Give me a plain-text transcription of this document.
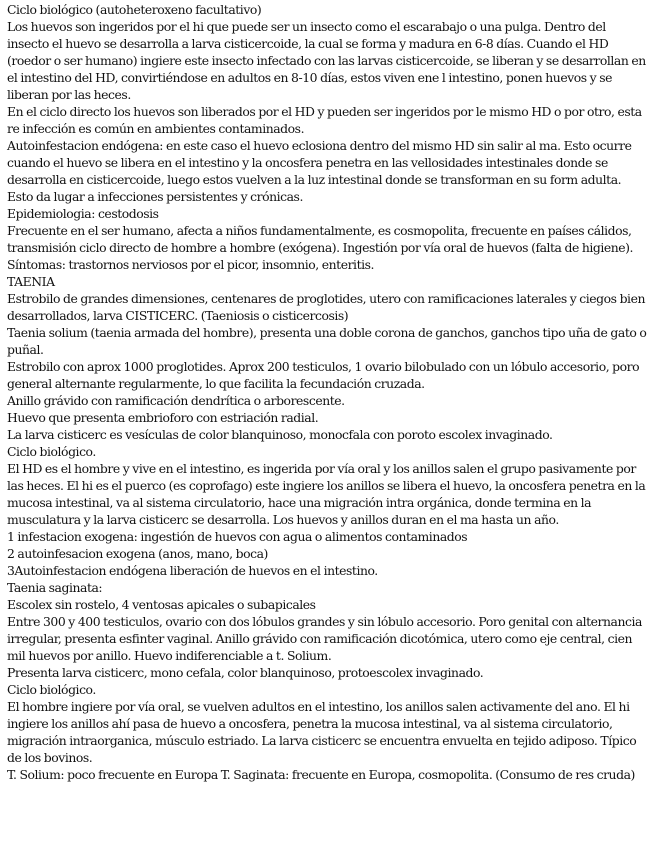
Ciclo biológico (autoheteroxeno facultativo)

Los huevos son ingeridos por el hi que puede ser un insecto como el escarabajo o una pulga. Dentro del insecto el huevo se desarrolla a larva cisticercoide, la cual se forma y madura en 6-8 días. Cuando el HD (roedor o ser humano) ingiere este insecto infectado con las larvas cisticercoide, se liberan y se desarrollan en el intestino del HD, convirtiéndose en adultos en 8-10 días, estos viven ene l intestino, ponen huevos y se liberan por las heces.

En el ciclo directo los huevos son liberados por el HD y pueden ser ingeridos por le mismo HD o por otro, esta re infección es común en ambientes contaminados.

Autoinfestacion endógena: en este caso el huevo eclosiona dentro del mismo HD sin salir al ma. Esto ocurre cuando el huevo se libera en el intestino y la oncosfera penetra en las vellosidades intestinales donde se desarrolla en cisticercoide, luego estos vuelven a la luz intestinal donde se transforman en su form adulta. Esto da lugar a infecciones persistentes y crónicas.

Epidemiologia: cestodosis

Frecuente en el ser humano, afecta a niños fundamentalmente, es cosmopolita, frecuente en países cálidos, transmisión ciclo directo de hombre a hombre (exógena). Ingestión por vía oral de huevos (falta de higiene).

Síntomas: trastornos nerviosos por el picor, insomnio, enteritis.

TAENIA

Estrobilo de grandes dimensiones, centenares de proglotides, utero con ramificaciones laterales y ciegos bien desarrollados, larva CISTICERC. (Taeniosis o cisticercosis)

Taenia solium (taenia armada del hombre), presenta una doble corona de ganchos, ganchos tipo uña de gato o puñal.

Estrobilo con aprox 1000 proglotides. Aprox 200 testiculos, 1 ovario bilobulado con un lóbulo accesorio, poro general alternante regularmente, lo que facilita la fecundación cruzada.

Anillo grávido con ramificación dendrítica o arborescente.

Huevo que presenta embrioforo con estriación radial.

La larva cisticerc es vesículas de color blanquinoso, monocfala con poroto escolex invaginado.

Ciclo biológico.

El HD es el hombre y vive en el intestino, es ingerida por vía oral y los anillos salen el grupo pasivamente por las heces. El hi es el puerco (es coprofago) este ingiere los anillos se libera el huevo, la oncosfera penetra en la mucosa intestinal, va al sistema circulatorio, hace una migración intra orgánica, donde termina en la musculatura y la larva cisticerc se desarrolla. Los huevos y anillos duran en el ma hasta un año.

1 infestacion exogena: ingestión de huevos con agua o alimentos contaminados

2 autoinfesacion exogena (anos, mano, boca)

3Autoinfestacion endógena liberación de huevos en el intestino.

Taenia saginata:

Escolex sin rostelo, 4 ventosas apicales o subapicales

Entre 300 y 400 testiculos, ovario con dos lóbulos grandes y sin lóbulo accesorio. Poro genital con alternancia irregular, presenta esfinter vaginal. Anillo grávido con ramificación dicotómica, utero como eje central, cien mil huevos por anillo. Huevo indiferenciable a t. Solium.

Presenta larva cisticerc, mono cefala, color blanquinoso, protoescolex invaginado.

Ciclo biológico.

El hombre ingiere por vía oral, se vuelven adultos en el intestino, los anillos salen activamente del ano. El hi ingiere los anillos ahí pasa de huevo a oncosfera, penetra la mucosa intestinal, va al sistema circulatorio, migración intraorganica, músculo estriado. La larva cisticerc se encuentra envuelta en tejido adiposo. Típico de los bovinos.

T. Solium: poco frecuente en Europa T. Saginata: frecuente en Europa, cosmopolita. (Consumo de res cruda)
